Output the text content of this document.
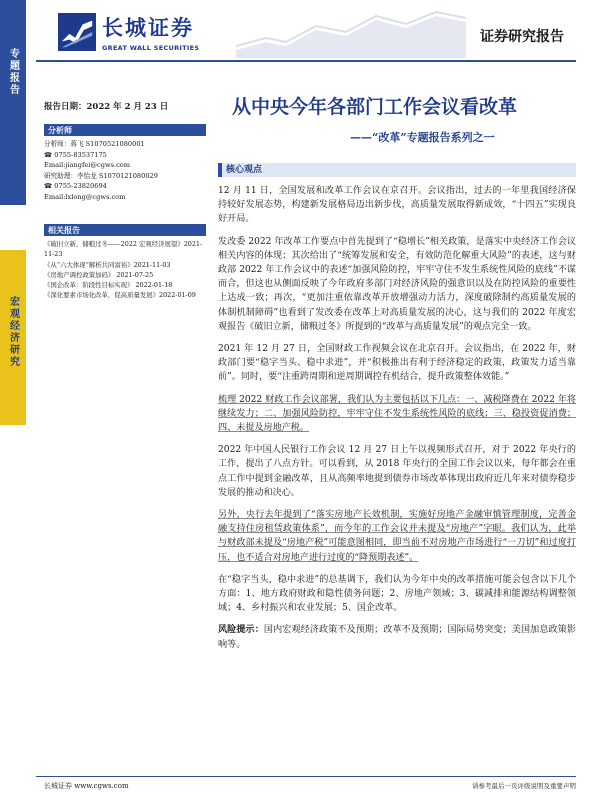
专题报告
宏观经济研究
长城证券
GREAT WALL SECURITIES
证券研究报告
报告日期：2022 年 2 月 23 日	从中央今年各部门工作会议看改革
——“改革”专题报告系列之一
分析师
分析师：蒋飞 S1070521080001
☎ 0755-83537175
Email:jiangfei@cgws.com
研究助理：李怡龙 S1070121080029
☎ 0755-23820694
Email:lxlong@cgws.com
相关报告
《破旧立新，储粮过冬——2022 宏观经济展望》2021-11-23
《从“六大体现”解析共同富裕》2021-11-03
《房地产调控政策加码》 2021-07-25
《国企改革：阶段性目标实现》 2022-01-18
《深化要素市场化改革，促高质量发展》2022-01-09
核心观点

12 月 11 日，全国发展和改革工作会议在京召开。会议指出，过去的一年里我国经济保持较好发展态势，构建新发展格局迈出新步伐，高质量发展取得新成效，“十四五”实现良好开局。

发改委 2022 年改革工作要点中首先提到了“稳增长”相关政策，是落实中央经济工作会议相关内容的体现；其次给出了“统筹发展和安全，有效防范化解重大风险”的表述，这与财政部 2022 年工作会议中的表述“加强风险防控，牢牢守住不发生系统性风险的底线”不谋而合，但这也从侧面反映了今年政府多部门对经济风险的强意识以及在防控风险的重要性上达成一致；再次，“更加注重依靠改革开放增强动力活力，深度破除制约高质量发展的体制机制障碍”也看到了发改委在改革上对高质量发展的决心，这与我们的 2022 年度宏观报告《破旧立新，储粮过冬》所提到的“改革与高质量发展”的观点完全一致。

2021 年 12 月 27 日，全国财政工作视频会议在北京召开。会议指出，在 2022 年，财政部门要“稳字当头、稳中求进”，并“积极推出有利于经济稳定的政策，政策发力适当靠前”。同时，要“注重跨周期和逆周期调控有机结合，提升政策整体效能。”

梳理 2022 财政工作会议部署，我们认为主要包括以下几点：一、减税降费在 2022 年将继续发力；二、加强风险防控，牢牢守住不发生系统性风险的底线；三、稳投资促消费；四、未提及房地产税。

2022 年中国人民银行工作会议 12 月 27 日上午以视频形式召开，对于 2022 年央行的工作，提出了八点方针。可以看到，从 2018 年央行的全国工作会议以来，每年都会在重点工作中提到金融改革，且从高频率地提到债券市场改革体现出政府近几年来对债券稳步发展的推动和决心。

另外，央行去年提到了“落实房地产长效机制，实施好房地产金融审慎管理制度，完善金融支持住房租赁政策体系”，而今年的工作会议并未提及“房地产”字眼。我们认为，此举与财政部未提及“房地产税”可能意图相同，即当前不对房地产市场进行“一刀切”和过度打压，也不适合对房地产进行过度的“降预期表述”。

在“稳字当头，稳中求进”的总基调下，我们认为今年中央的改革措施可能会包含以下几个方面：1、地方政府财政和隐性债务问题；2、房地产领域；3、碳减排和能源结构调整领域；4、乡村振兴和农业发展；5、国企改革。

风险提示：国内宏观经济政策不及预期；改革不及预期；国际局势突变；美国加息政策影响等。

长城证券 www.cgws.com	请参考最后一页评级说明及重要声明
